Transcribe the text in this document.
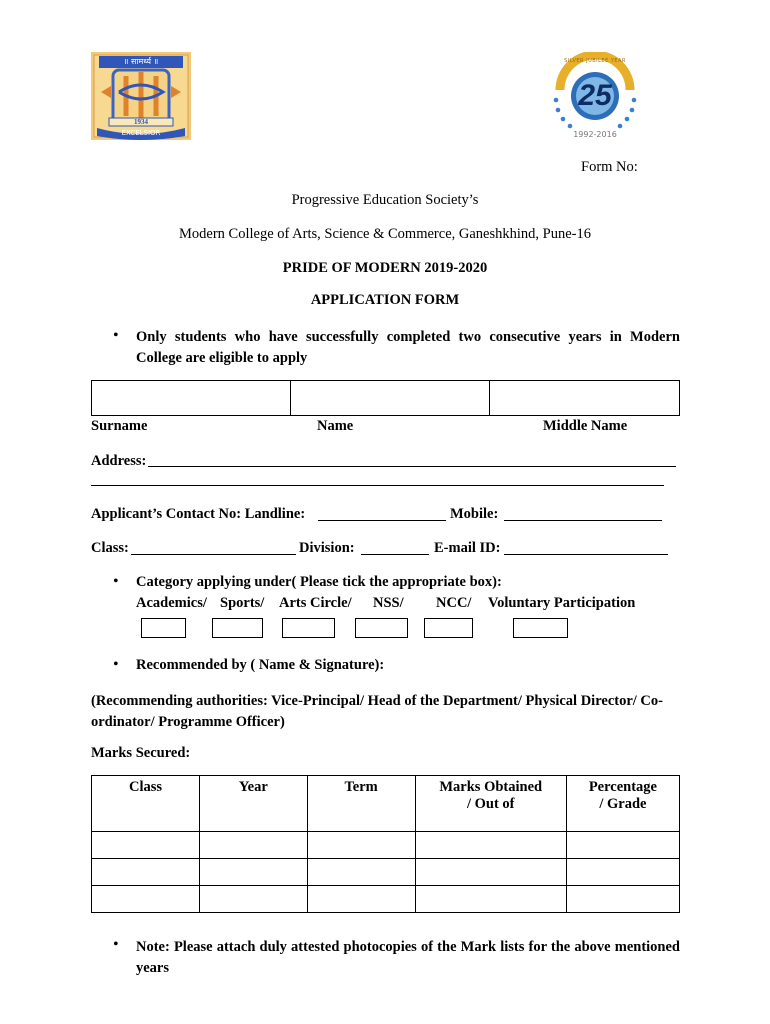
॥ सामर्थ्य ॥
1934
EXCELSIOR
SILVER JUBILEE YEAR
25
1992-2016
Form No:
Progressive Education Society’s
Modern College of Arts, Science & Commerce, Ganeshkhind, Pune-16
PRIDE OF MODERN 2019-2020
APPLICATION FORM
• Only students who have successfully completed two consecutive years in Modern College are eligible to apply

Surname	Name	Middle Name
Address:
Applicant’s Contact No: Landline:	Mobile:
Class:	Division:	E-mail ID:
• Category applying under( Please tick the appropriate box):
Academics/ Sports/ Arts Circle/ NSS/ NCC/ Voluntary Participation
• Recommended by ( Name & Signature):
(Recommending authorities: Vice-Principal/ Head of the Department/ Physical Director/ Co-ordinator/ Programme Officer)
Marks Secured:
Class	Year	Term	Marks Obtained / Out of	Percentage / Grade

• Note: Please attach duly attested photocopies of the Mark lists for the above mentioned years
